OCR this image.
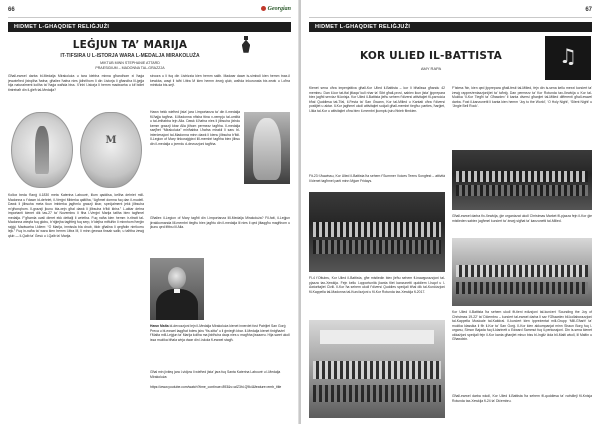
66	Georgian
HIDMET L-GHAQDIET RELIĠJUŻI
LEĠJUN TA’ MARIJA
IT-TIFSIRA U L-ISTORJA WARA L-MEDALJA MIRAKOLUŻA
MIKTUB MINN STEPHANIE ATTARD
PRAESIDIUM – MADONNA TAL-GRAZZJA
Għall-ewwel darba bl-Medalja Mirakoluża u tara kiebha minna għandhom xi ħaġa jewwieħed jixirqilha ħafna; għaliex ħafna nies jidhrilhom li din l-istorja li għandha lil-ġejja hija naturalment kollha ta’ ħaġa waħda biss. X’inhi l-istorja li hemm madwarha u kif bdiet tintrebaħ din il-ġieħ tal-Medalja?
M
Kollox beda f’lanġ il-1830 meta Katerina Labouré, illum qaddisa, kellha dehriet mill-Madonna u f’dawn id-dehriet, il-Verġni Mbierka qaltilha, “Agħmel domna fuq dan il-mudell. Dawk li jilbsuha meta tkun imbierka jagħmlu grazzji kbar, speċjalment jekk jilbsuha m’għonqhom. Il-grazzji jkunu bla-xejn għal dawk li jilbsuha b’fidi kbira.” L-aktar dehra importanti kienet dik tas-27 ta’ Novembru li fiha l-Verġni Marija tatlha biex tagħmel medalja. F’għamla ovali dieret ekk dettalji li wrietha. Fuq naħa kien hemm ir-ritratt tal-Madonna wieqfa fuq globu, b’riġlejha tagħfeġ fuq serp, b’idejha miftuħin li minnhom ħerġin raġġi. Madwarha l-kliem: “O Marija, imnissla bla dnub, itlob għalina li qegħdin nirrikorru lejk.” Fuq in-naħa ta’ wara kien hemm l-ittra M, li minn ġewwa tinsab salib, u taħtha żewġ qlub — il-Qalb ta’ Ġesù u l-Qalb ta’ Marija.
stroora u li fuq din l-istrizzia kien hemm salib. Madwar dawn is-simboli kien hemm tnax-il kewkba, waqt li taħt l-ittra M kien hemm żewġ qlub, waħda inkurunata bix-xewk u l-oħra minfuda bis-sejf.
Hawn hekk wieħed jista’ jara l-importanza ta’ din il-medalja fil-ħajja tagħna. Il-Madonna nfisha ttina x-xempju tal-umiltà u tal-imħabba lejn Alla. Dawk il-ħafna nies li jilbsuha jixhdu kemm grazzji kbar Alla jtihom permezz tagħha. Il-medalja ssejħet “Mirakoluża” minħabba l-ħafna mirakli li saru bl-interċessjoni tal-Madonna minn dawk li kienu jilbsuha b’fidi. Il-Legion of Mary tinkoraġġixxi lill-membri tagħha biex jilbsu din il-medalja u jxerrdu d-devozzjoni tagħha.
Għaliex il-Legion of Mary tagħti din l-importanza lill-Medalja Mirakoluża? Fil-fatt, il-Leġjun jirrakkomanda lill-membri tiegħu biex jagħtu din il-medalja lil nies li qed jiltaqgħu magħhom u jkunu qed ifittxu lil Alla.
Hawn Malta id-devozzjoni lejn il-Medalja Mirakoluża kienet inxerdet fost Patrijiet San Ġorġ Preca u bl-ewwel laqgħat bdew jsiru “fis-sitta” u li ġmiegħ kbar. Il-Medalja kienet tintgħażel f’Malta mill-Leġjun ta’ Marija kollha ma jixbħuha daqs nies u magħha jissawru. Hija saret ukoll issa mużika bħala wirja dwar din l-iskola fl-ewwel stagħ.
Għal min jixtieq jara l-vidjow li wieħed jista’ jara fuq Santa Katerina Labouré u l-Medalja Mirakoluża:
https://www.youtube.com/watch?time_continue=893&v=aIZ3hl-Q9k4&feature=emb_title
67
HIDMET L-GHAQDIET RELIĠJUŻI
KOR ULIED IL-BATTISTA
AMY RAPA
♫
Kienet sena oħra impenjattiva għall-Kor Ulied il-Battista – kor li bħalissa għandu 42 membru. Dan il-kor tat-tfal jitlaqa’ kull nhar ta’ Sibt għall-provi, sabiex ikun jista’ jipprepara biex jagħti servizz fil-knisja. Kor Ulied il-Battista jieħu sehem f’diversi attivitajiet fil-parroċċa bħal Quddiesa tat-Tfal, il-Festa ta’ San Ġwann, Kor tal-Milied u Kantati oħra f’diversi postijiet u aktar. Il-Kor jagħmel ukoll attivitajiet soċjali għall-membri tiegħu: parties, ħarġiet, l-Ikla tal-Kor u attivitajiet oħra biex il-membri jkomplu jsiru ħbieb flimkien.
Fit-23 t’Awwissu, Kor Ulied il-Battista ħa sehem f’Summer Voices Teens Songfest – attività li kienet tagħmel parti minn Mġarr Fridays.
Fl-4 t’Ottubru, Kor Ulied il-Battista, għe mistiedin biex jieħu sehem fl-inawgurazzjoni tal-pjazza tax-Xewkija. Fejn kellu l-opportunità jkanta tliet kanzunetti quddiem l-Isqof u l-Awtoritajiet Ċivili. Il-Kor ħa sehem ukoll f’diversi Quddies speċjali bħal dik tal-Kunċizzjoni fil-Kappella tal-Madonna tal-Kunċizzjoni u fil-Kor Rotunda tax-Xewkija fl-2017.
F’istess ħin, kien qed jipprepara għall-festi tal-Milied, fejn din is-sena kellu mexxi konċert ta’ żewġ rappreżentazzjonijiet ta’ taħriġ. Dan permezz ta’ Kor Rotunda tax-Xewkija u Kor tal-Mużika ‘Il-Kor Tiegħi ta’ Għawdex’ li kanta diversi għanjiet tal-Milied differenti għall-ewwel darba. Fost il-kanzunetti li kanta kien hemm ‘Joy to the World’, ‘O Holy Night’, ‘Silent Night’ u ‘Jingle Bell Rock’.
Għall-ewwel darba fix-Xewkija, ġie organizzat ukoll Christmas Market fil-pjazza fejn il-Kor ġie mistieden sabiex jagħmel kunċert ta’ żewġ sigħat ta’ kanzunetti tal-Milied.
Kor Ulied il-Battista ħa sehem ukoll fit-tieni edizzjoni tal-kunċert ‘Sounding the Joy of Christmas 19-22’ ta’ Diċembru – kunċert tal-ewwel darba li sar f’Għawdex bil-kollaborazzjoni tal-Kappella Musicale tal-Katidral. Il-kunċert kien ippreżentat mill-Grupp ‘Mill-Għarb’ ta’ mużika klassika li fih il-Kor ta’ San Ġorġ. Il-Kor kien akkumpanjat minn Shaun Borg fuq l-organu, Simon Bajada fuq il-klarinett u Edward Sammut fuq il-perkussjoni. Din is-sena kienet okkażjoni speċjali fejn il-Kor kanta għanjiet mhux biss bl-Ingliż iżda bil-Malti wkoll, lil Maltin u Għawdxin.
Għall-ewwel darba wkoll, Kor Ulied il-Battista ħa sehem fil-quddiesa ta’ nofsillejl fil-Knisja Rotunda tax-Xewkija fl-24 ta’ Diċembru.
